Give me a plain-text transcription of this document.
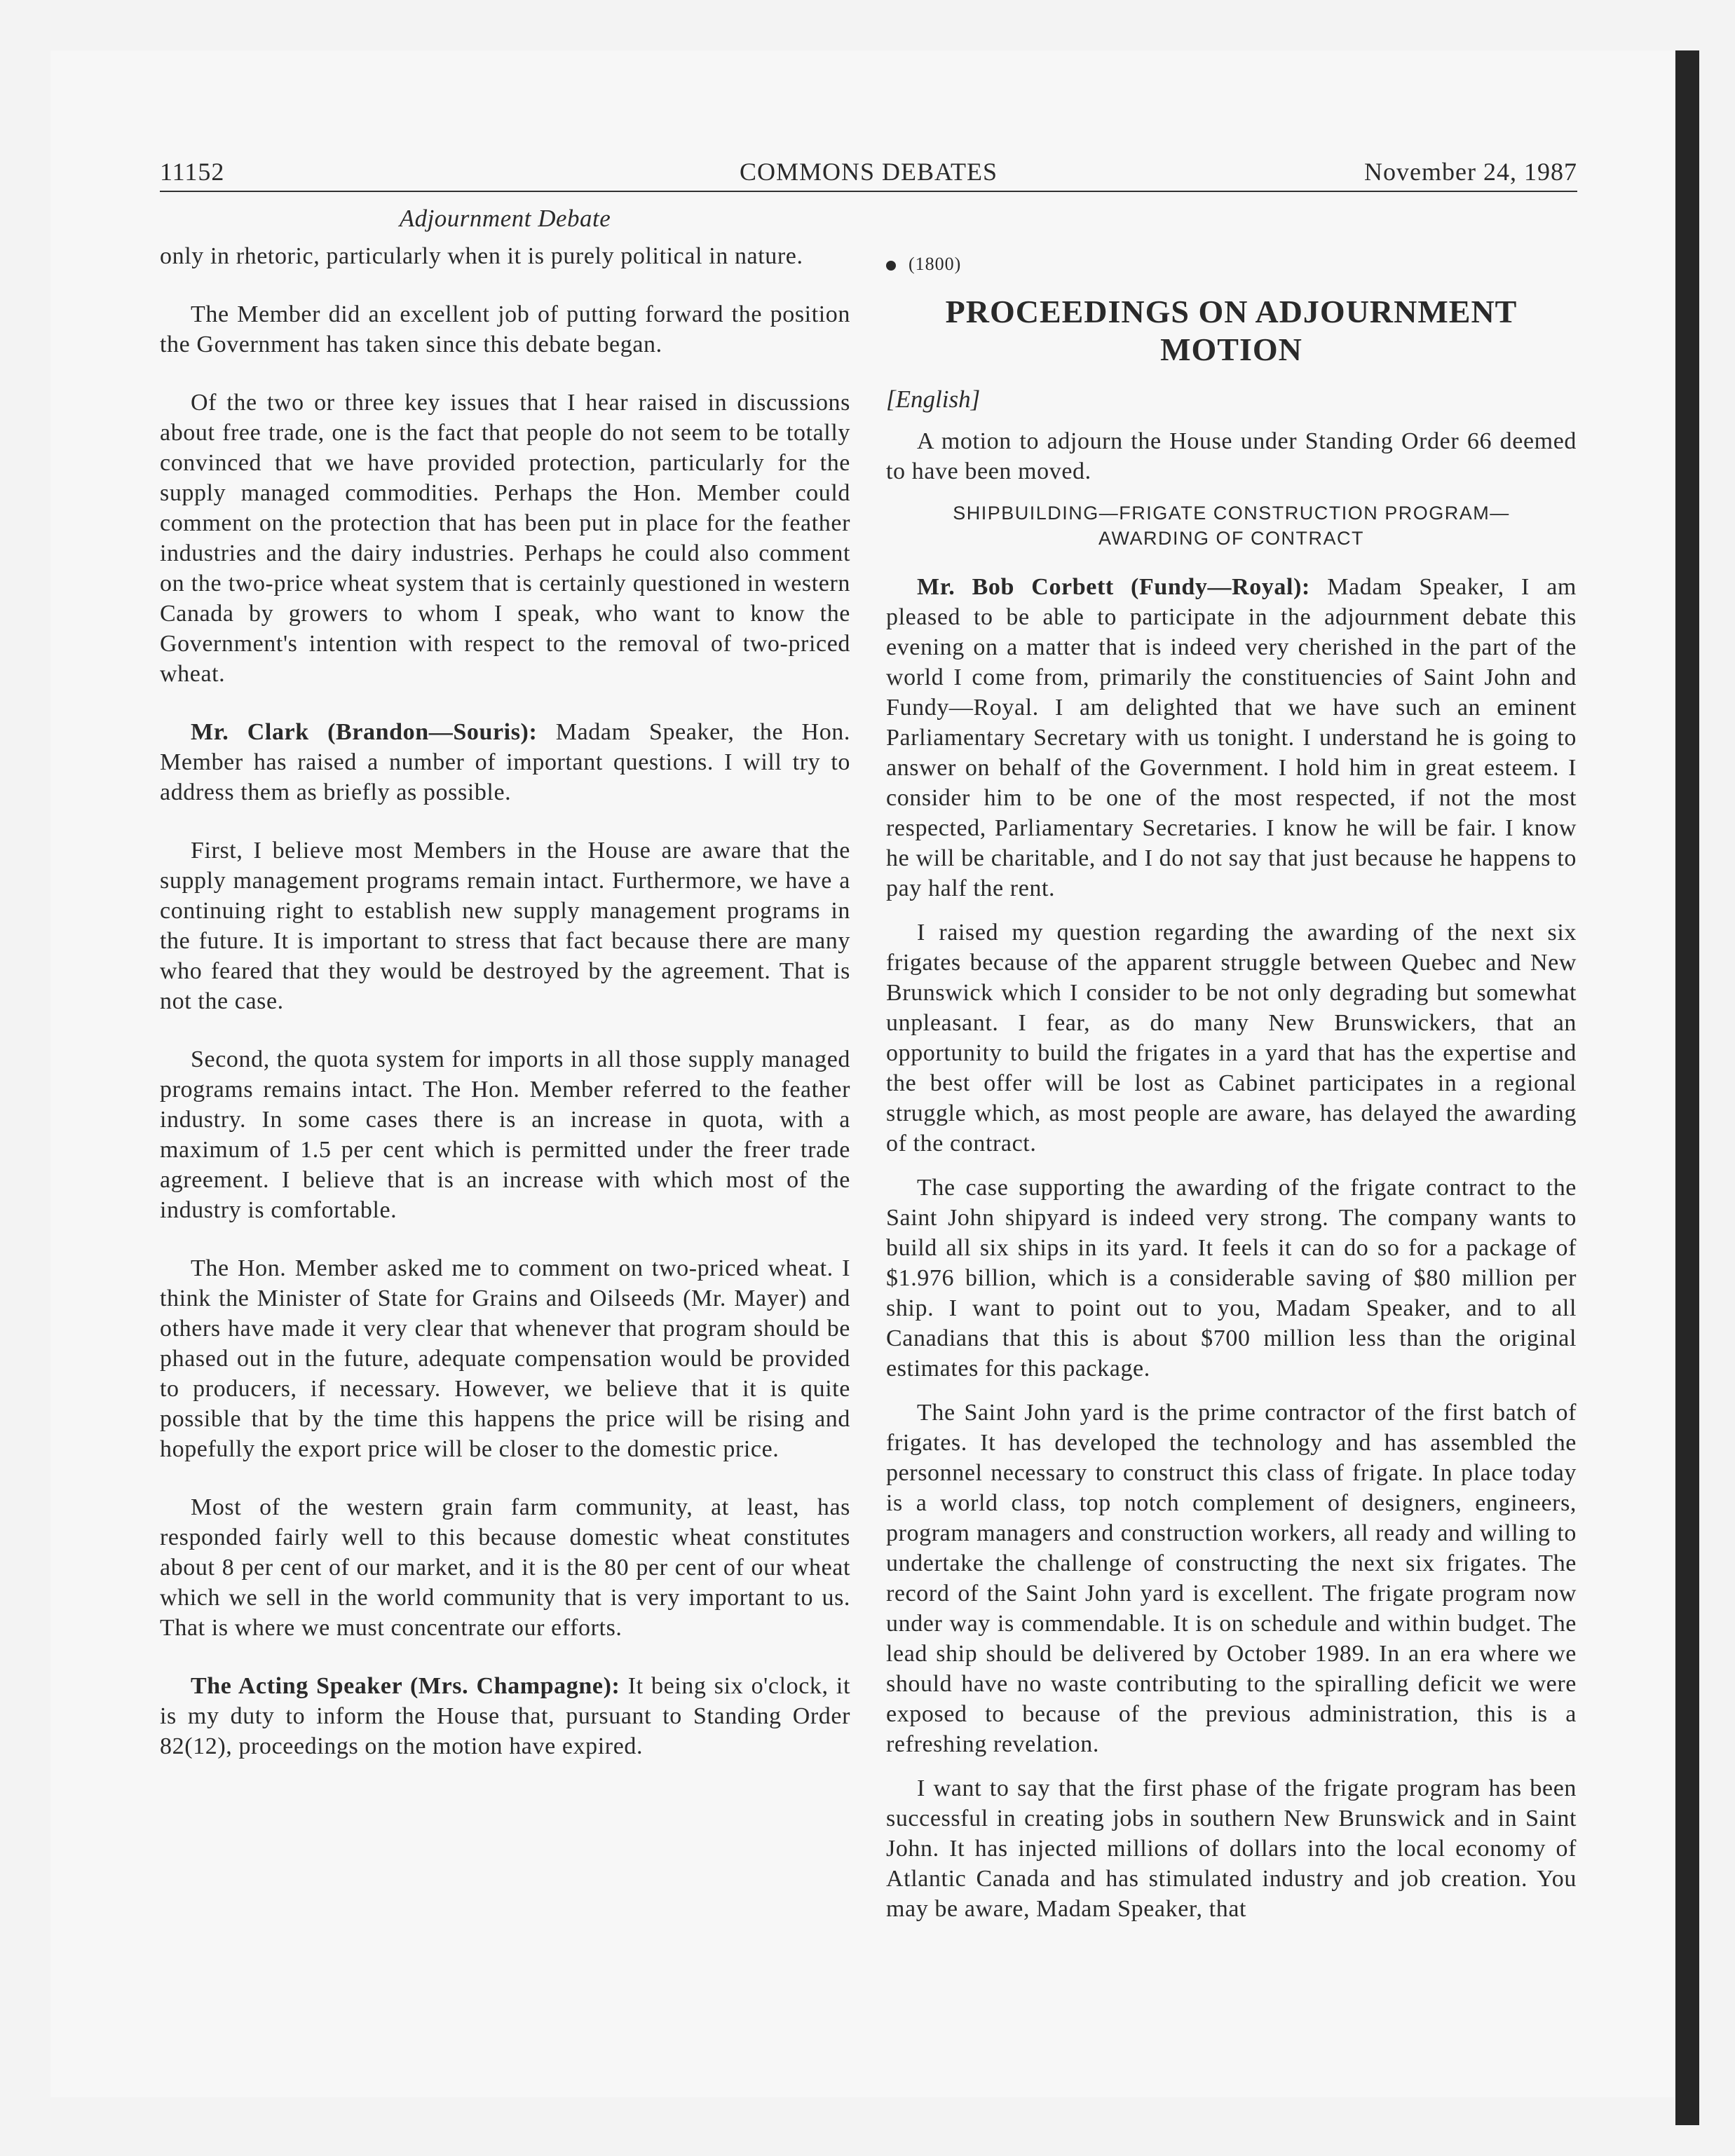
11152	COMMONS DEBATES	November 24, 1987
Adjournment Debate

only in rhetoric, particularly when it is purely political in nature.

The Member did an excellent job of putting forward the position the Government has taken since this debate began.

Of the two or three key issues that I hear raised in discussions about free trade, one is the fact that people do not seem to be totally convinced that we have provided protection, particularly for the supply managed commodities. Perhaps the Hon. Member could comment on the protection that has been put in place for the feather industries and the dairy industries. Perhaps he could also comment on the two-price wheat system that is certainly questioned in western Canada by growers to whom I speak, who want to know the Government's intention with respect to the removal of two-priced wheat.

Mr. Clark (Brandon—Souris): Madam Speaker, the Hon. Member has raised a number of important questions. I will try to address them as briefly as possible.

First, I believe most Members in the House are aware that the supply management programs remain intact. Furthermore, we have a continuing right to establish new supply management programs in the future. It is important to stress that fact because there are many who feared that they would be destroyed by the agreement. That is not the case.

Second, the quota system for imports in all those supply managed programs remains intact. The Hon. Member referred to the feather industry. In some cases there is an increase in quota, with a maximum of 1.5 per cent which is permitted under the freer trade agreement. I believe that is an increase with which most of the industry is comfortable.

The Hon. Member asked me to comment on two-priced wheat. I think the Minister of State for Grains and Oilseeds (Mr. Mayer) and others have made it very clear that whenever that program should be phased out in the future, adequate compensation would be provided to producers, if necessary. However, we believe that it is quite possible that by the time this happens the price will be rising and hopefully the export price will be closer to the domestic price.

Most of the western grain farm community, at least, has responded fairly well to this because domestic wheat constitutes about 8 per cent of our market, and it is the 80 per cent of our wheat which we sell in the world community that is very important to us. That is where we must concentrate our efforts.

The Acting Speaker (Mrs. Champagne): It being six o'clock, it is my duty to inform the House that, pursuant to Standing Order 82(12), proceedings on the motion have expired.

(1800)
PROCEEDINGS ON ADJOURNMENT MOTION
[English]

A motion to adjourn the House under Standing Order 66 deemed to have been moved.

SHIPBUILDING—FRIGATE CONSTRUCTION PROGRAM—AWARDING OF CONTRACT

Mr. Bob Corbett (Fundy—Royal): Madam Speaker, I am pleased to be able to participate in the adjournment debate this evening on a matter that is indeed very cherished in the part of the world I come from, primarily the constituencies of Saint John and Fundy—Royal. I am delighted that we have such an eminent Parliamentary Secretary with us tonight. I understand he is going to answer on behalf of the Government. I hold him in great esteem. I consider him to be one of the most respected, if not the most respected, Parliamentary Secretaries. I know he will be fair. I know he will be charitable, and I do not say that just because he happens to pay half the rent.

I raised my question regarding the awarding of the next six frigates because of the apparent struggle between Quebec and New Brunswick which I consider to be not only degrading but somewhat unpleasant. I fear, as do many New Brunswickers, that an opportunity to build the frigates in a yard that has the expertise and the best offer will be lost as Cabinet participates in a regional struggle which, as most people are aware, has delayed the awarding of the contract.

The case supporting the awarding of the frigate contract to the Saint John shipyard is indeed very strong. The company wants to build all six ships in its yard. It feels it can do so for a package of $1.976 billion, which is a considerable saving of $80 million per ship. I want to point out to you, Madam Speaker, and to all Canadians that this is about $700 million less than the original estimates for this package.

The Saint John yard is the prime contractor of the first batch of frigates. It has developed the technology and has assembled the personnel necessary to construct this class of frigate. In place today is a world class, top notch complement of designers, engineers, program managers and construction workers, all ready and willing to undertake the challenge of constructing the next six frigates. The record of the Saint John yard is excellent. The frigate program now under way is commendable. It is on schedule and within budget. The lead ship should be delivered by October 1989. In an era where we should have no waste contributing to the spiralling deficit we were exposed to because of the previous administration, this is a refreshing revelation.

I want to say that the first phase of the frigate program has been successful in creating jobs in southern New Brunswick and in Saint John. It has injected millions of dollars into the local economy of Atlantic Canada and has stimulated industry and job creation. You may be aware, Madam Speaker, that
